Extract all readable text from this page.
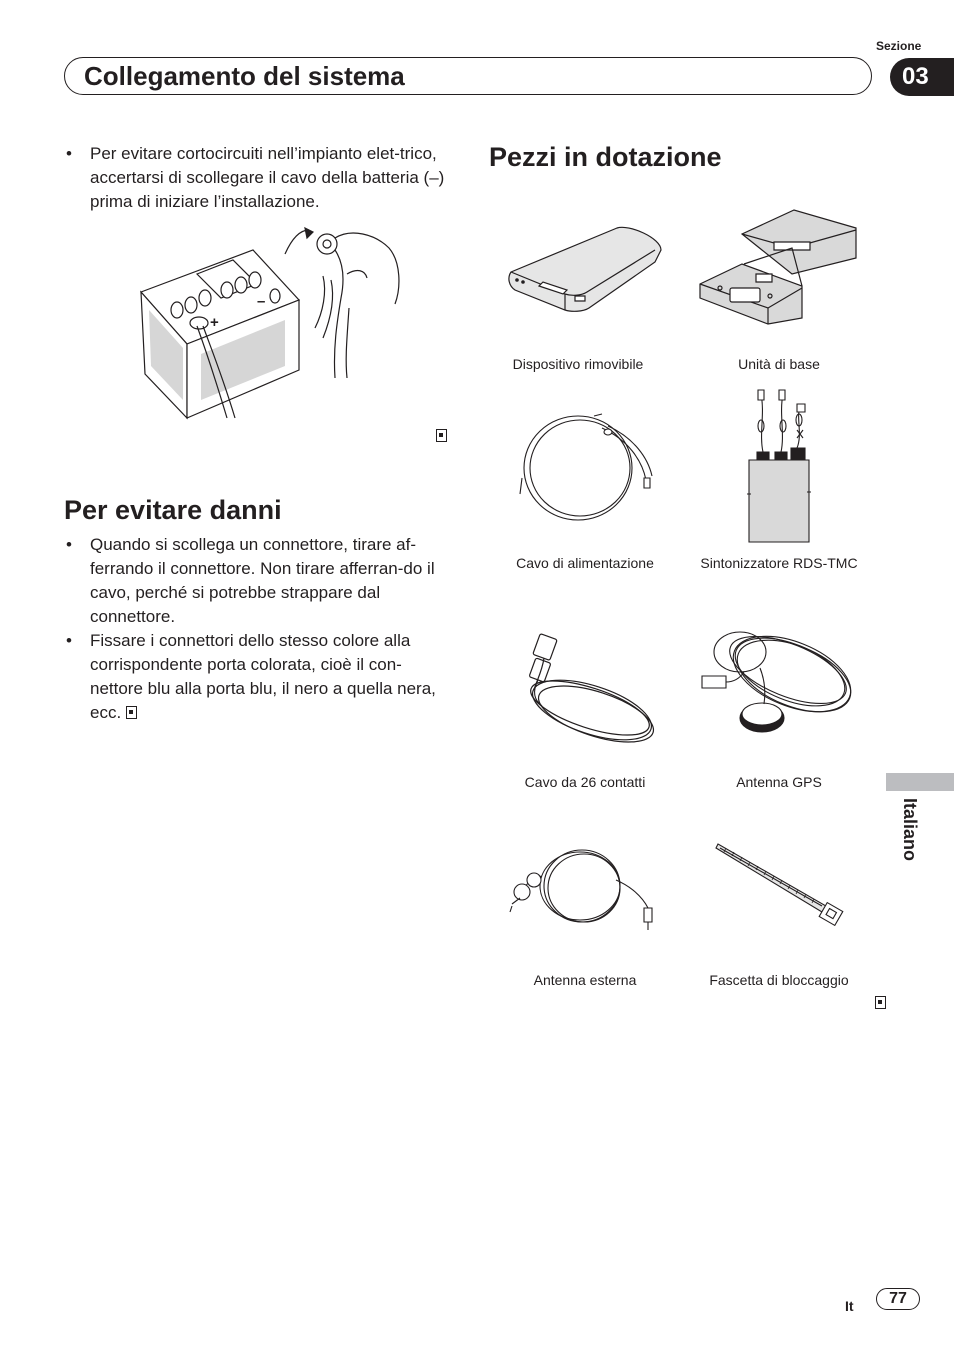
Sezione
Collegamento del sistema	03
• Per evitare cortocircuiti nell’impianto elet-trico, accertarsi di scollegare il cavo della batteria (–) prima di iniziare l’installazione.
+
–

Per evitare danni
• Quando si scollega un connettore, tirare af-ferrando il connettore. Non tirare afferran-do il cavo, perché si potrebbe strappare dal connettore.
• Fissare i connettori dello stesso colore alla corrispondente porta colorata, cioè il con-nettore blu alla porta blu, il nero a quella nera, ecc.
Pezzi in dotazione
Dispositivo rimovibile	Unità di base
Cavo di alimentazione	Sintonizzatore RDS-TMC
Cavo da 26 contatti	Antenna GPS
Antenna esterna	Fascetta di bloccaggio
Italiano
It	77
